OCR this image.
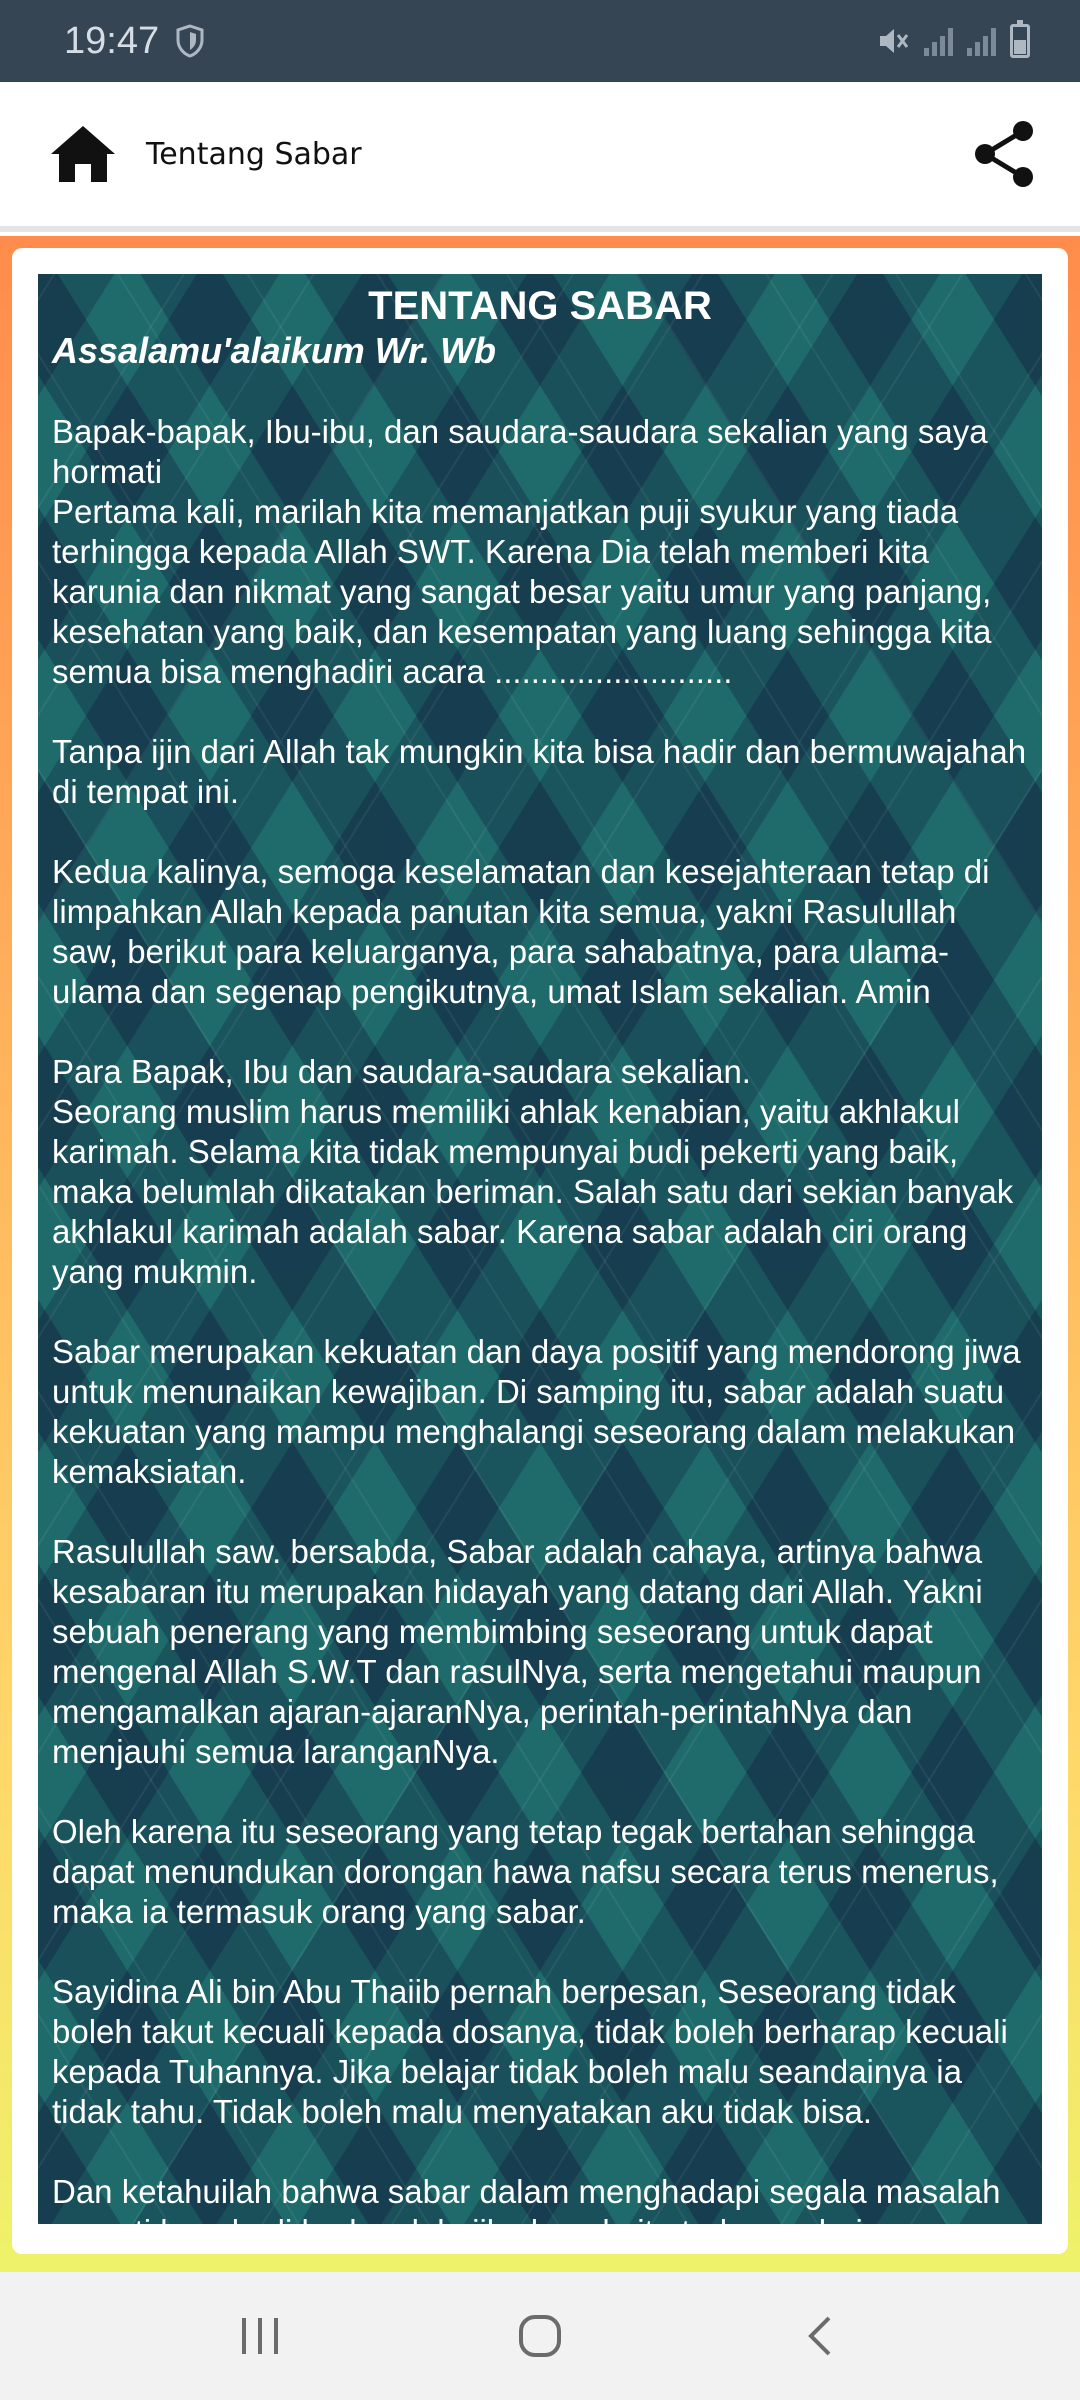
19:47
Tentang Sabar

TENTANG SABAR

Assalamu'alaikum Wr. Wb

Bapak-bapak, Ibu-ibu, dan saudara-saudara sekalian yang saya hormati
Pertama kali, marilah kita memanjatkan puji syukur yang tiada terhingga kepada Allah SWT. Karena Dia telah memberi kita karunia dan nikmat yang sangat besar yaitu umur yang panjang, kesehatan yang baik, dan kesempatan yang luang sehingga kita semua bisa menghadiri acara ..........................

Tanpa ijin dari Allah tak mungkin kita bisa hadir dan bermuwajahah di tempat ini.

Kedua kalinya, semoga keselamatan dan kesejahteraan tetap di limpahkan Allah kepada panutan kita semua, yakni Rasulullah saw, berikut para keluarganya, para sahabatnya, para ulama-ulama dan segenap pengikutnya, umat Islam sekalian. Amin

Para Bapak, Ibu dan saudara-saudara sekalian.
Seorang muslim harus memiliki ahlak kenabian, yaitu akhlakul karimah. Selama kita tidak mempunyai budi pekerti yang baik, maka belumlah dikatakan beriman. Salah satu dari sekian banyak akhlakul karimah adalah sabar. Karena sabar adalah ciri orang yang mukmin.

Sabar merupakan kekuatan dan daya positif yang mendorong jiwa untuk menunaikan kewajiban. Di samping itu, sabar adalah suatu kekuatan yang mampu menghalangi seseorang dalam melakukan kemaksiatan.

Rasulullah saw. bersabda, Sabar adalah cahaya, artinya bahwa kesabaran itu merupakan hidayah yang datang dari Allah. Yakni sebuah penerang yang membimbing seseorang untuk dapat mengenal Allah S.W.T dan rasulNya, serta mengetahui maupun mengamalkan ajaran-ajaranNya, perintah-perintahNya dan menjauhi semua laranganNya.

Oleh karena itu seseorang yang tetap tegak bertahan sehingga dapat menundukan dorongan hawa nafsu secara terus menerus, maka ia termasuk orang yang sabar.

Sayidina Ali bin Abu Thaiib pernah berpesan, Seseorang tidak boleh takut kecuali kepada dosanya, tidak boleh berharap kecuali kepada Tuhannya. Jika belajar tidak boleh malu seandainya ia tidak tahu. Tidak boleh malu menyatakan aku tidak bisa.

Dan ketahuilah bahwa sabar dalam menghadapi segala masalah seperti kepala di badan, lalu jika kepala itu terlepas dari
